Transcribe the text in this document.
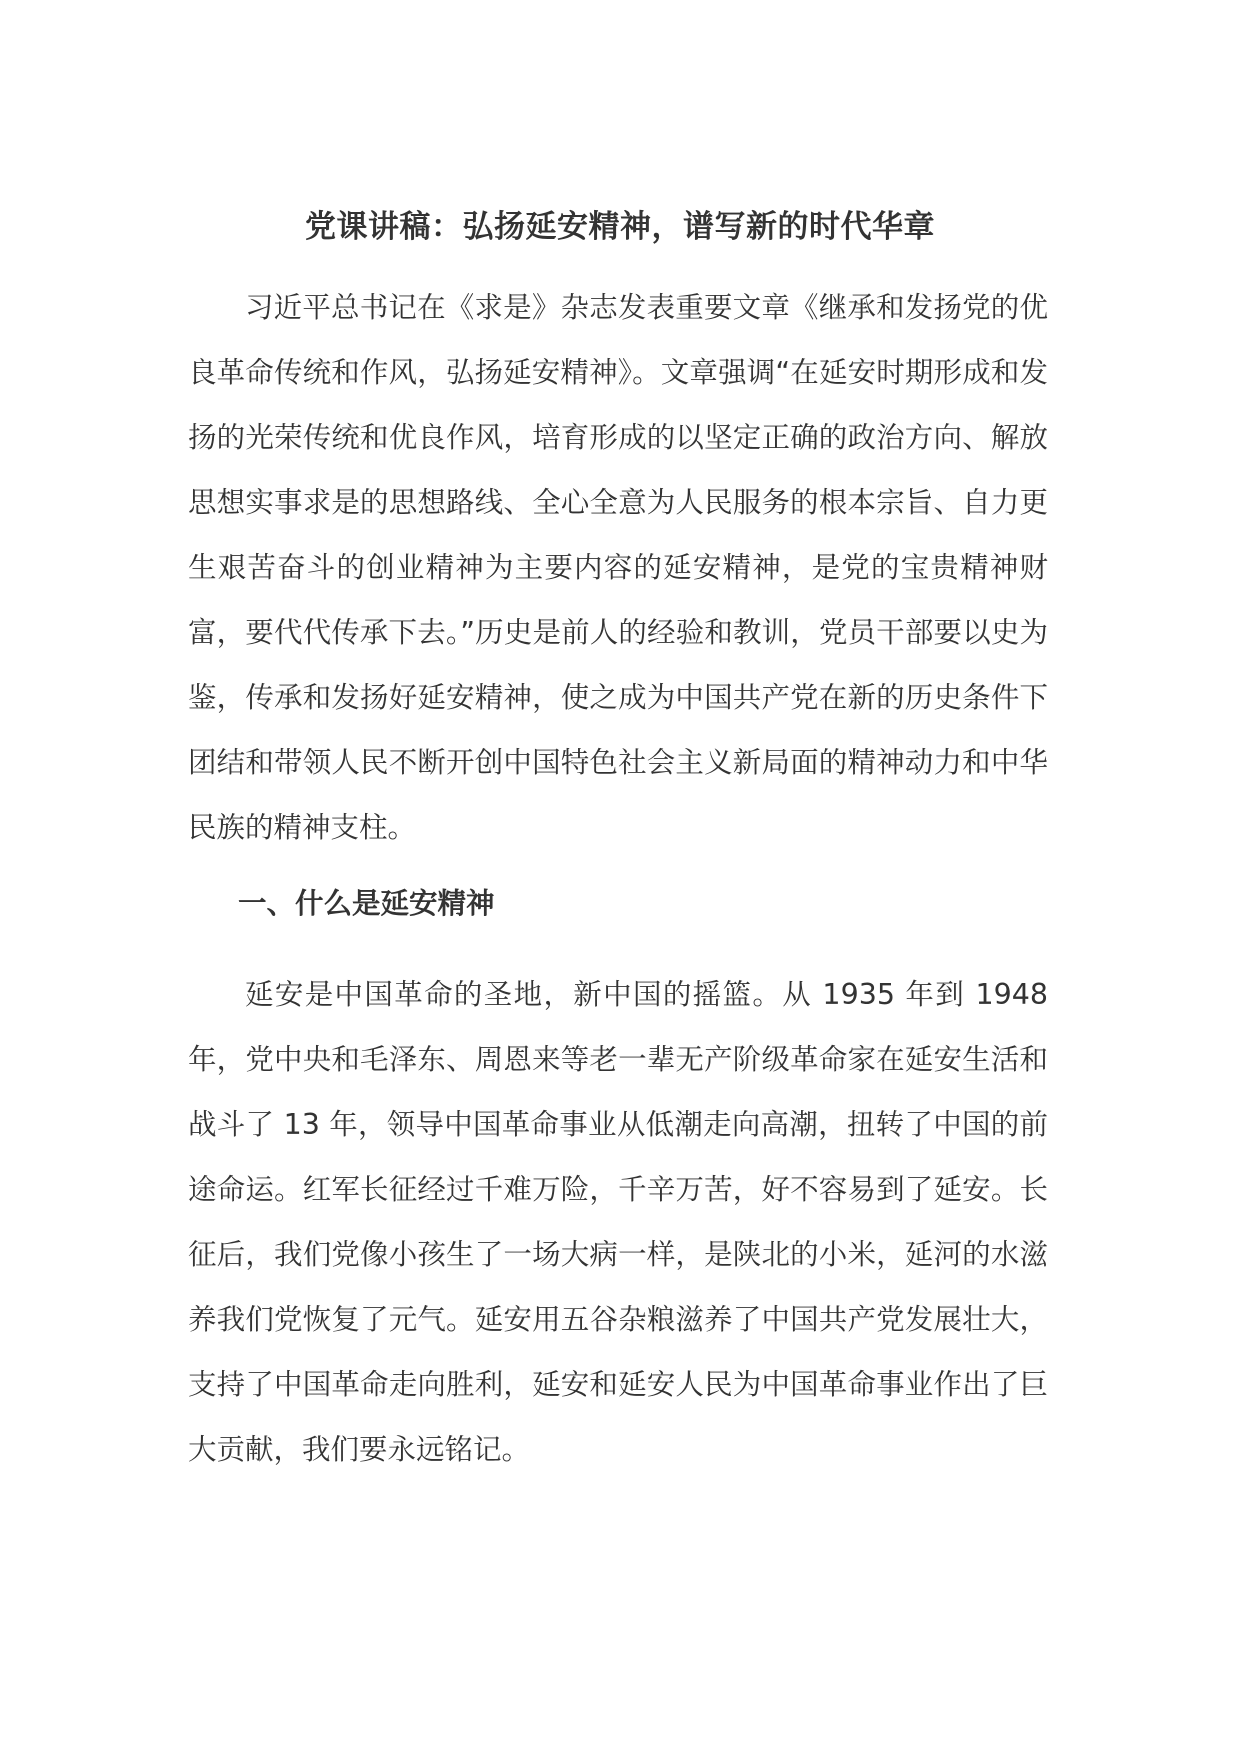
党课讲稿：弘扬延安精神，谱写新的时代华章

习近平总书记在《求是》杂志发表重要文章《继承和发扬党的优良革命传统和作风，弘扬延安精神》。文章强调“在延安时期形成和发扬的光荣传统和优良作风，培育形成的以坚定正确的政治方向、解放思想实事求是的思想路线、全心全意为人民服务的根本宗旨、自力更生艰苦奋斗的创业精神为主要内容的延安精神，是党的宝贵精神财富，要代代传承下去。”历史是前人的经验和教训，党员干部要以史为鉴，传承和发扬好延安精神，使之成为中国共产党在新的历史条件下团结和带领人民不断开创中国特色社会主义新局面的精神动力和中华民族的精神支柱。

一、什么是延安精神

延安是中国革命的圣地，新中国的摇篮。从 1935 年到 1948 年，党中央和毛泽东、周恩来等老一辈无产阶级革命家在延安生活和战斗了 13 年，领导中国革命事业从低潮走向高潮，扭转了中国的前途命运。红军长征经过千难万险，千辛万苦，好不容易到了延安。长征后，我们党像小孩生了一场大病一样，是陕北的小米，延河的水滋养我们党恢复了元气。延安用五谷杂粮滋养了中国共产党发展壮大，支持了中国革命走向胜利，延安和延安人民为中国革命事业作出了巨大贡献，我们要永远铭记。
